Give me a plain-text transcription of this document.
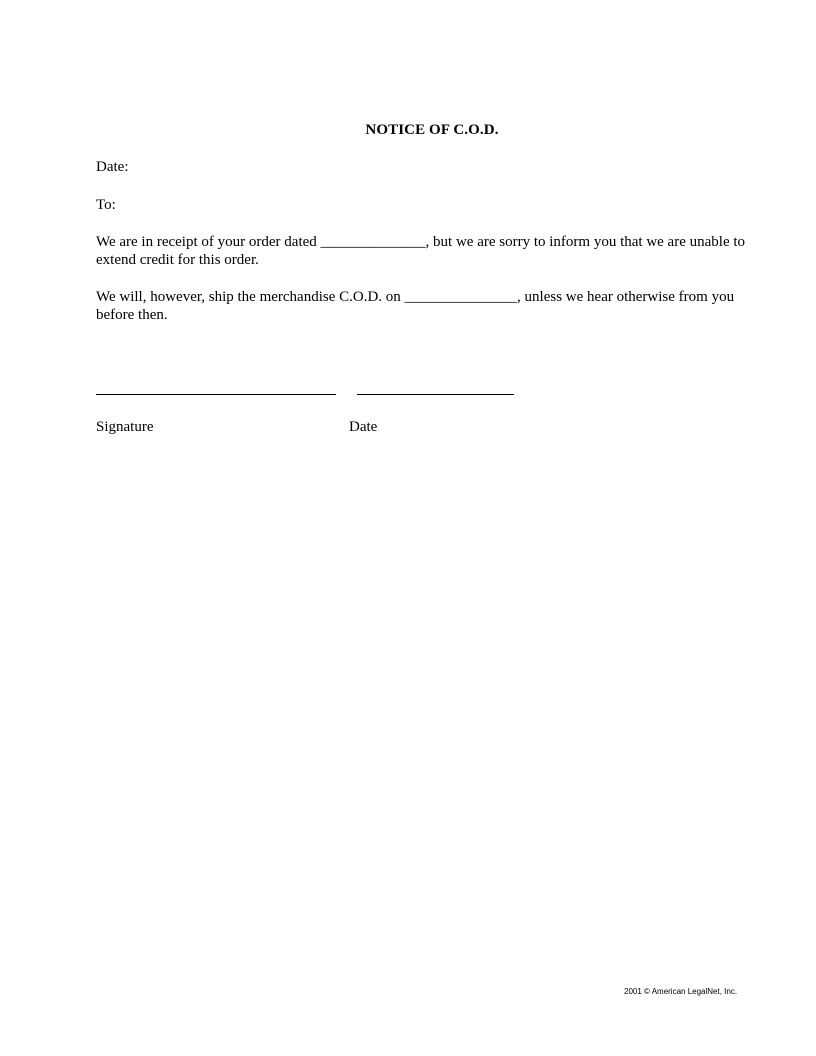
NOTICE OF C.O.D.
Date:
To:
We are in receipt of your order dated ______________, but we are sorry to inform you that we are unable to extend credit for this order.
We will, however, ship the merchandise C.O.D. on _______________, unless we hear otherwise from you before then.
Signature	Date
2001 © American LegalNet, Inc.
